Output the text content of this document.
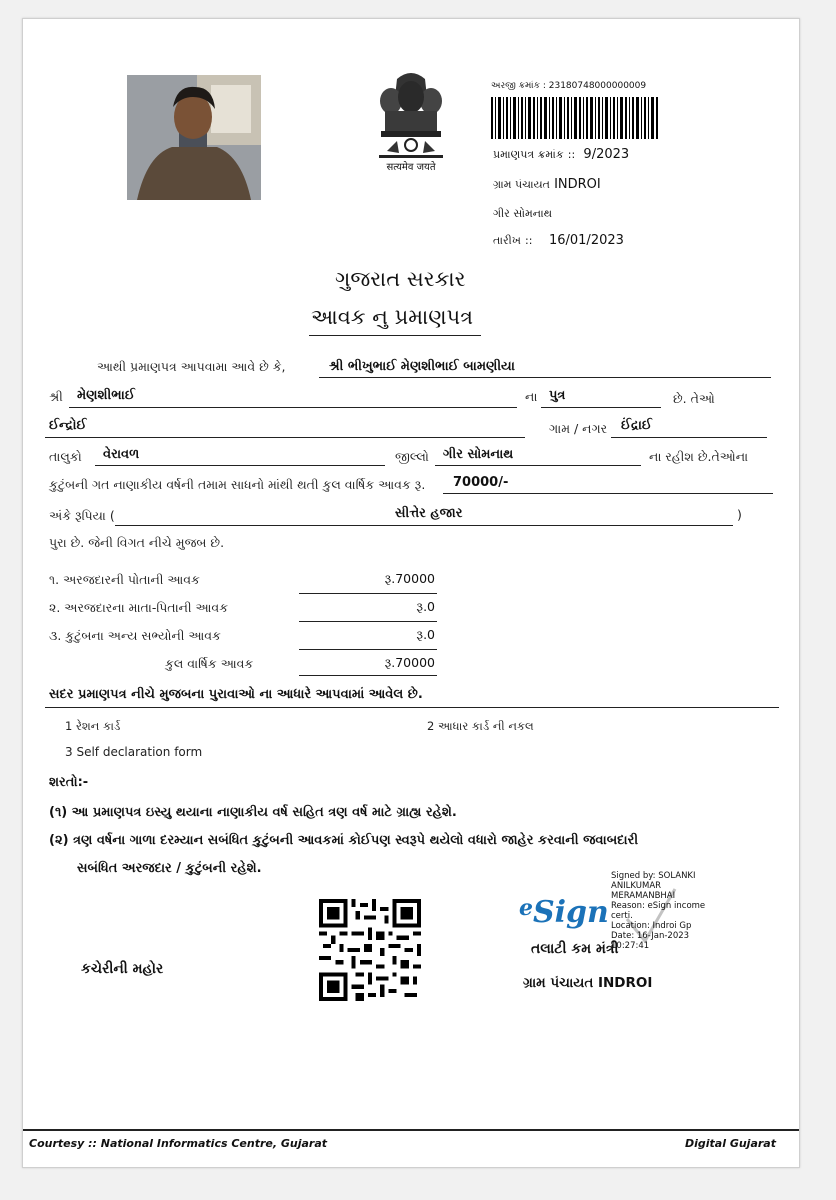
सत्यमेव जयते
અરજી ક્રમાંક : 23180748000000009
પ્રમાણપત્ર ક્રમાંક :: 9/2023
ગ્રામ પંચાયત INDROI
ગીર સોમનાથ
તારીખ :: 16/01/2023
ગુજરાત સરકાર
આવક નુ પ્રમાણપત્ર
આથી પ્રમાણપત્ર આપવામા આવે છે કે,	શ્રી ભીખુભાઈ મેણશીભાઈ બામણીયા
શ્રી મેણશીભાઈ	ના પુત્ર	છે. તેઓ
ઈન્દ્રોઈ	ગામ / નગર ઈંદ્રાઈ
તાલુકો વેરાવળ	જીલ્લો ગીર સોમનાથ	ના રહીશ છે.તેઓના
કુટુંબની ગત નાણાકીય વર્ષની તમામ સાધનો માંથી થતી કુલ વાર્ષિક આવક રૂ. 70000/-
અંકે રૂપિયા (	સીત્તેર હજાર	)
પુરા છે. જેની વિગત નીચે મુજબ છે.
૧. અરજદારની પોતાની આવક	રૂ.70000
૨. અરજદારના માતા-પિતાની આવક	રૂ.0
૩. કુટુંબના અન્ય સભ્યોની આવક	રૂ.0
કુલ વાર્ષિક આવક	રૂ.70000
સદર પ્રમાણપત્ર નીચે મુજબના પુરાવાઓ ના આધારે આપવામાં આવેલ છે.
1 રેશન કાર્ડ	2 આધાર કાર્ડ ની નકલ
3 Self declaration form
શરતો:-
(૧) આ પ્રમાણપત્ર ઇસ્યુ થયાના નાણાકીય વર્ષ સહિત ત્રણ વર્ષ માટે ગ્રાહ્ય રહેશે.
(૨) ત્રણ વર્ષના ગાળા દરમ્યાન સબંધિત કુટુંબની આવકમાં કોઈપણ સ્વરૂપે થયેલો વધારો જાહેર કરવાની જવાબદારી
સબંધિત અરજદાર / કુટુંબની રહેશે.
કચેરીની મહોર
$^e$Sign
Signed by: SOLANKI ANILKUMAR MERAMANBHAI
Reason: eSign income certi.
Location: Indroi Gp
Date: 16-Jan-2023 10:27:41
તલાટી કમ મંત્રી
ગ્રામ પંચાયત INDROI
Courtesy :: National Informatics Centre, Gujarat	Digital Gujarat
